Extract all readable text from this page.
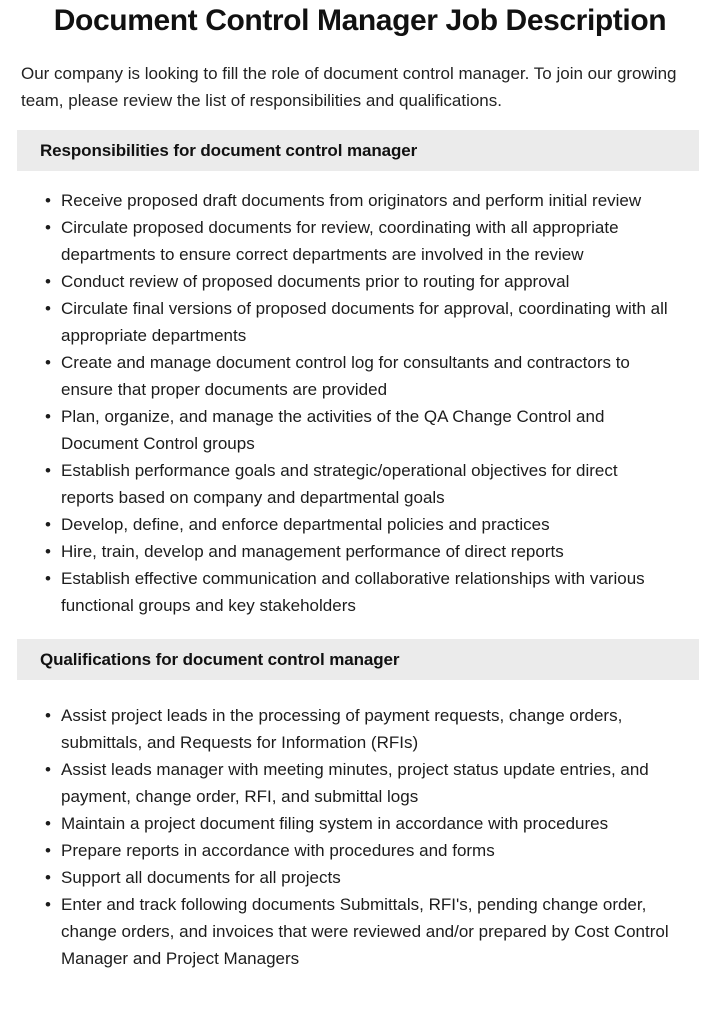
Document Control Manager Job Description

Our company is looking to fill the role of document control manager. To join our growing team, please review the list of responsibilities and qualifications.

Responsibilities for document control manager
• Receive proposed draft documents from originators and perform initial review
• Circulate proposed documents for review, coordinating with all appropriate departments to ensure correct departments are involved in the review
• Conduct review of proposed documents prior to routing for approval
• Circulate final versions of proposed documents for approval, coordinating with all appropriate departments
• Create and manage document control log for consultants and contractors to ensure that proper documents are provided
• Plan, organize, and manage the activities of the QA Change Control and Document Control groups
• Establish performance goals and strategic/operational objectives for direct reports based on company and departmental goals
• Develop, define, and enforce departmental policies and practices
• Hire, train, develop and management performance of direct reports
• Establish effective communication and collaborative relationships with various functional groups and key stakeholders
Qualifications for document control manager
• Assist project leads in the processing of payment requests, change orders, submittals, and Requests for Information (RFIs)
• Assist leads manager with meeting minutes, project status update entries, and payment, change order, RFI, and submittal logs
• Maintain a project document filing system in accordance with procedures
• Prepare reports in accordance with procedures and forms
• Support all documents for all projects
• Enter and track following documents Submittals, RFI's, pending change order, change orders, and invoices that were reviewed and/or prepared by Cost Control Manager and Project Managers
